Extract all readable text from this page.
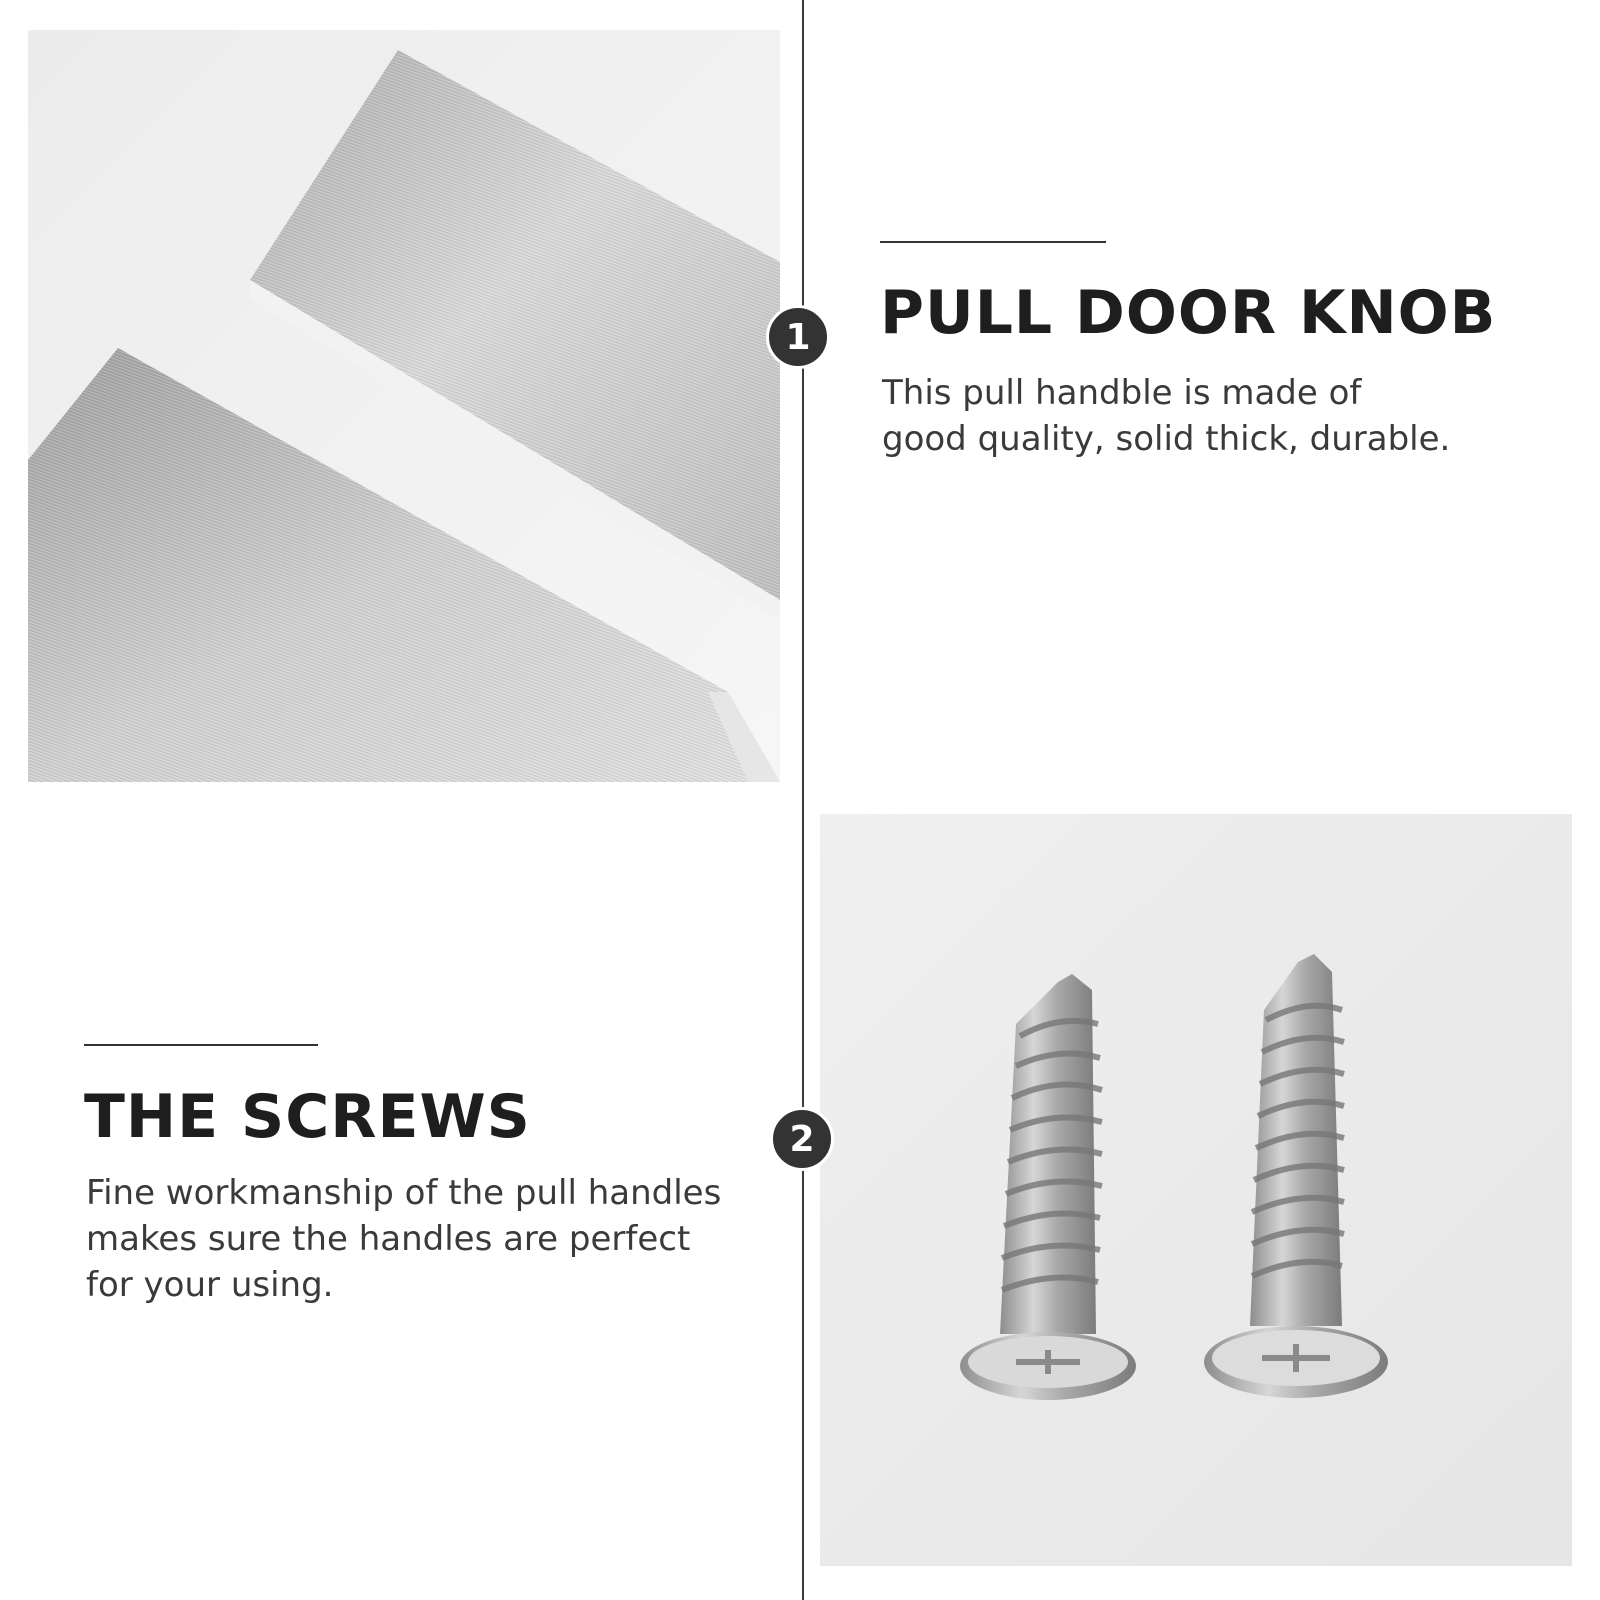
1 PULL DOOR KNOB

This pull handble is made of
good quality, solid thick, durable.

2
THE SCREWS

Fine workmanship of the pull handles
makes sure the handles are perfect
for your using.
